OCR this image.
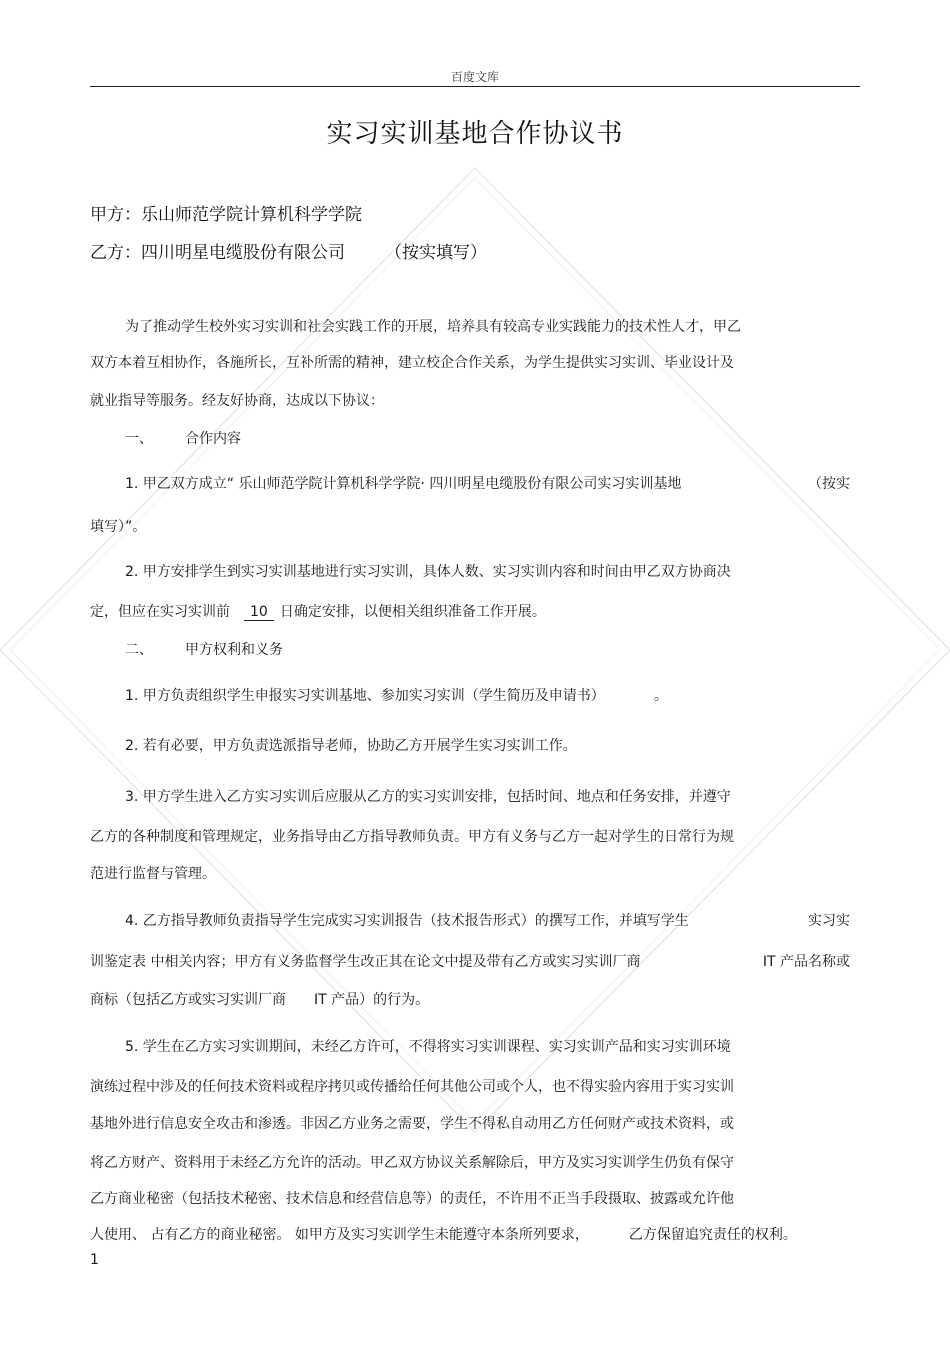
百度文库
实习实训基地合作协议书
甲方：乐山师范学院计算机科学学院
乙方：四川明星电缆股份有限公司 （按实填写）
为了推动学生校外实习实训和社会实践工作的开展，培养具有较高专业实践能力的技术性人才，甲乙
双方本着互相协作，各施所长，互补所需的精神，建立校企合作关系，为学生提供实习实训、毕业设计及
就业指导等服务。经友好协商，达成以下协议：
一、 合作内容
1. 甲乙双方成立“ 乐山师范学院计算机科学学院· 四川明星电缆股份有限公司实习实训基地	（按实
填写）”。
2. 甲方安排学生到实习实训基地进行实习实训，具体人数、实习实训内容和时间由甲乙双方协商决
定，但应在实习实训前 10 日确定安排，以便相关组织准备工作开展。
二、 甲方权利和义务
1. 甲方负责组织学生申报实习实训基地、参加实习实训（学生简历及申请书）	。
2. 若有必要，甲方负责选派指导老师，协助乙方开展学生实习实训工作。
3. 甲方学生进入乙方实习实训后应服从乙方的实习实训安排，包括时间、地点和任务安排，并遵守
乙方的各种制度和管理规定，业务指导由乙方指导教师负责。甲方有义务与乙方一起对学生的日常行为规
范进行监督与管理。
4. 乙方指导教师负责指导学生完成实习实训报告（技术报告形式）的撰写工作，并填写学生	实习实
训鉴定表 中相关内容；甲方有义务监督学生改正其在论文中提及带有乙方或实习实训厂商	IT 产品名称或
商标（包括乙方或实习实训厂商 IT 产品）的行为。
5. 学生在乙方实习实训期间，未经乙方许可，不得将实习实训课程、实习实训产品和实习实训环境
演练过程中涉及的任何技术资料或程序拷贝或传播给任何其他公司或个人，也不得实验内容用于实习实训
基地外进行信息安全攻击和渗透。非因乙方业务之需要，学生不得私自动用乙方任何财产或技术资料，或
将乙方财产、资料用于未经乙方允许的活动。甲乙双方协议关系解除后，甲方及实习实训学生仍负有保守
乙方商业秘密（包括技术秘密、技术信息和经营信息等）的责任，不许用不正当手段摄取、披露或允许他
人使用、 占有乙方的商业秘密。 如甲方及实习实训学生未能遵守本条所列要求，	乙方保留追究责任的权利。
1
